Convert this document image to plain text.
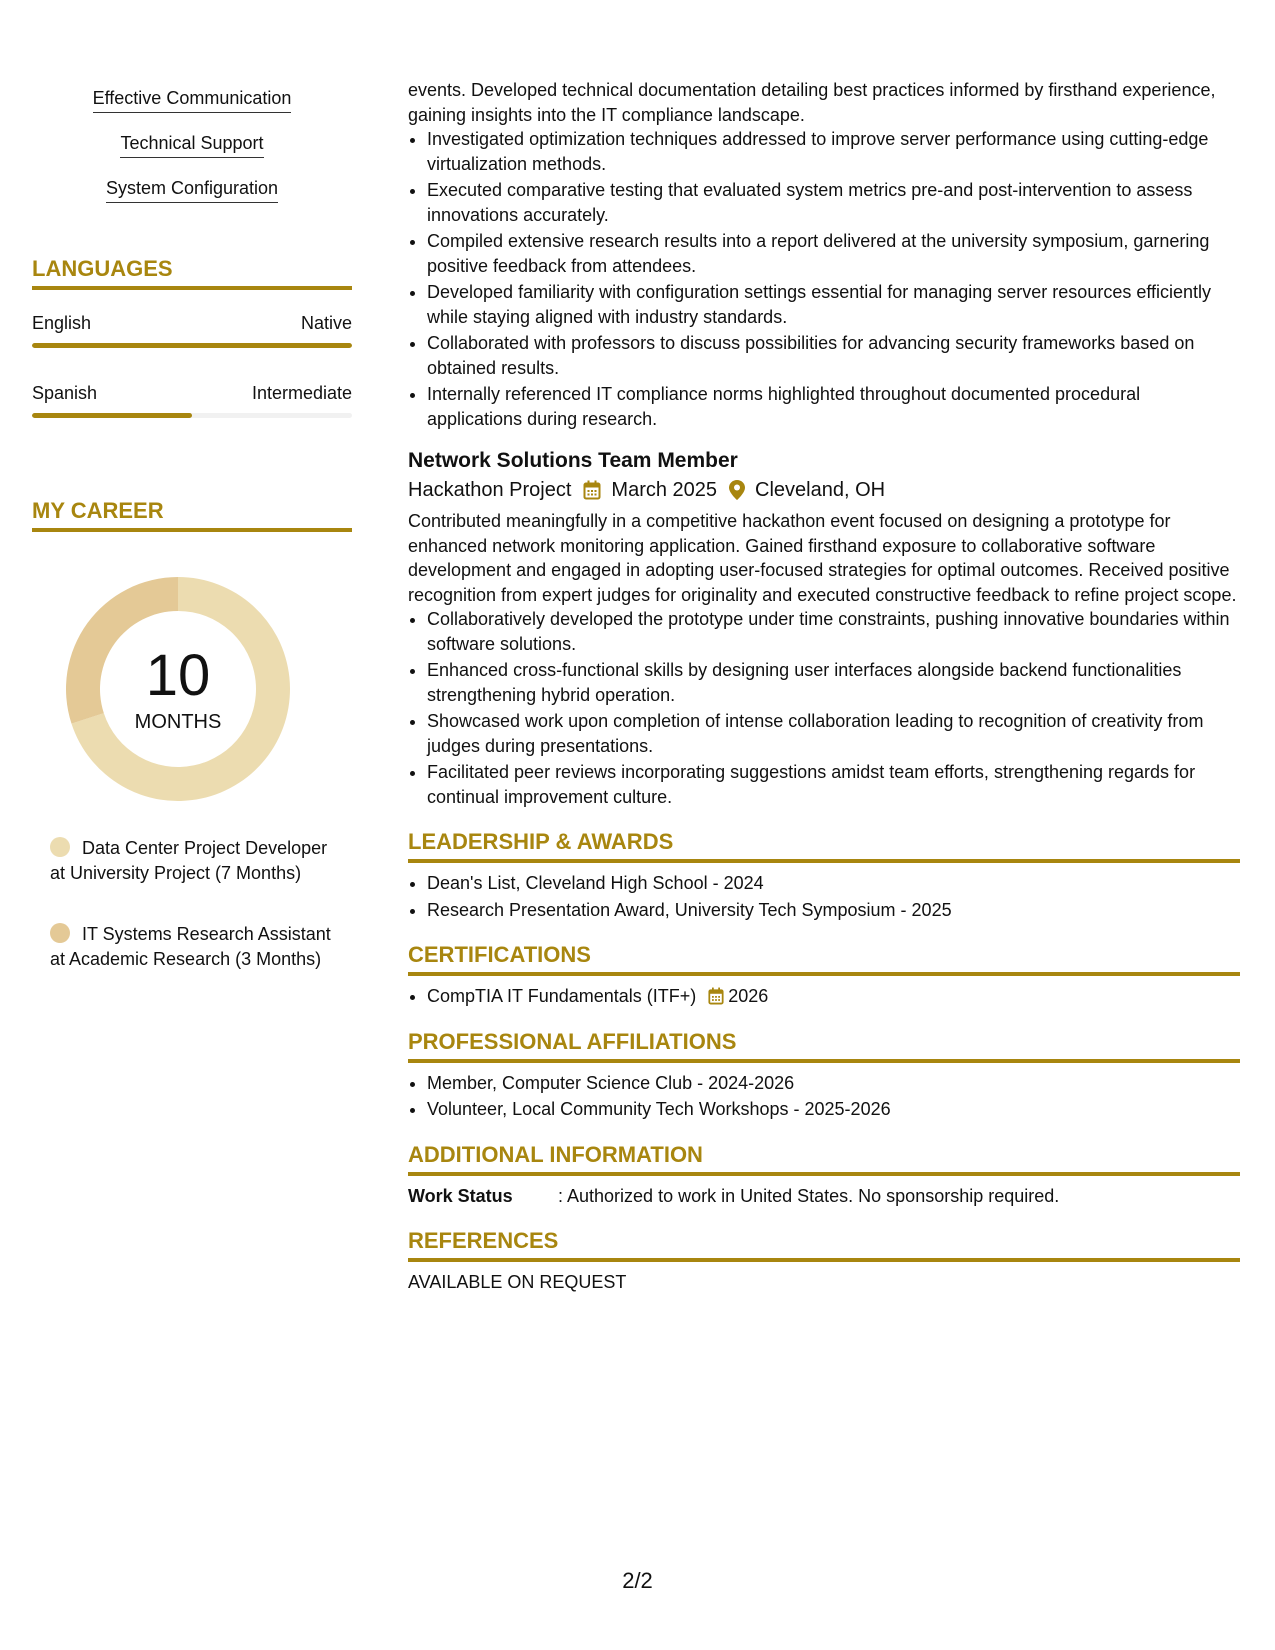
Effective Communication
Technical Support
System Configuration
LANGUAGES
English	Native
Spanish	Intermediate
MY CAREER
10
MONTHS
Data Center Project Developer at University Project (7 Months)
IT Systems Research Assistant at Academic Research (3 Months)

events. Developed technical documentation detailing best practices informed by firsthand experience, gaining insights into the IT compliance landscape.

• Investigated optimization techniques addressed to improve server performance using cutting-edge virtualization methods.
• Executed comparative testing that evaluated system metrics pre-and post-intervention to assess innovations accurately.
• Compiled extensive research results into a report delivered at the university symposium, garnering positive feedback from attendees.
• Developed familiarity with configuration settings essential for managing server resources efficiently while staying aligned with industry standards.
• Collaborated with professors to discuss possibilities for advancing security frameworks based on obtained results.
• Internally referenced IT compliance norms highlighted throughout documented procedural applications during research.
Network Solutions Team Member
Hackathon Project March 2025 Cleveland, OH

Contributed meaningfully in a competitive hackathon event focused on designing a prototype for enhanced network monitoring application. Gained firsthand exposure to collaborative software development and engaged in adopting user-focused strategies for optimal outcomes. Received positive recognition from expert judges for originality and executed constructive feedback to refine project scope.

• Collaboratively developed the prototype under time constraints, pushing innovative boundaries within software solutions.
• Enhanced cross-functional skills by designing user interfaces alongside backend functionalities strengthening hybrid operation.
• Showcased work upon completion of intense collaboration leading to recognition of creativity from judges during presentations.
• Facilitated peer reviews incorporating suggestions amidst team efforts, strengthening regards for continual improvement culture.
LEADERSHIP & AWARDS
• Dean's List, Cleveland High School - 2024
• Research Presentation Award, University Tech Symposium - 2025
CERTIFICATIONS
• CompTIA IT Fundamentals (ITF+) 2026
PROFESSIONAL AFFILIATIONS
• Member, Computer Science Club - 2024-2026
• Volunteer, Local Community Tech Workshops - 2025-2026
ADDITIONAL INFORMATION
Work Status	: Authorized to work in United States. No sponsorship required.
REFERENCES

AVAILABLE ON REQUEST

2/2
